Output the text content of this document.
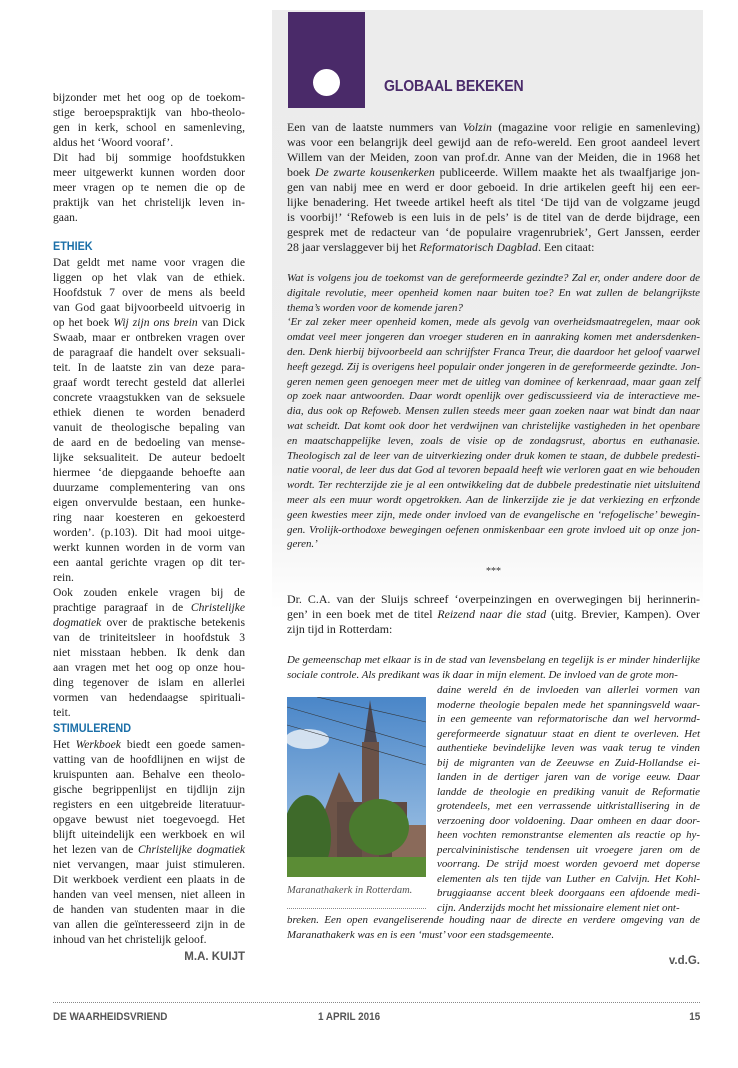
GLOBAAL BEKEKEN
bijzonder met het oog op de toekom-
stige beroepspraktijk van hbo-theolo-
gen in kerk, school en samenleving,
aldus het ‘Woord vooraf’.
Dit had bij sommige hoofdstukken
meer uitgewerkt kunnen worden door
meer vragen op te nemen die op de
praktijk van het christelijk leven in-
gaan.
ETHIEK
Dat geldt met name voor vragen die
liggen op het vlak van de ethiek.
Hoofdstuk 7 over de mens als beeld
van God gaat bijvoorbeeld uitvoerig in
op het boek Wij zijn ons brein van Dick
Swaab, maar er ontbreken vragen over
de paragraaf die handelt over seksuali-
teit. In de laatste zin van deze para-
graaf wordt terecht gesteld dat allerlei
concrete vraagstukken van de seksuele
ethiek dienen te worden benaderd
vanuit de theologische bepaling van
de aard en de bedoeling van mense-
lijke seksualiteit. De auteur bedoelt
hiermee ‘de diepgaande behoefte aan
duurzame complementering van ons
eigen onvervulde bestaan, een hunke-
ring naar koesteren en gekoesterd
worden’. (p.103). Dit had mooi uitge-
werkt kunnen worden in de vorm van
een aantal gerichte vragen op dit ter-
rein.
Ook zouden enkele vragen bij de
prachtige paragraaf in de Christelijke
dogmatiek over de praktische betekenis
van de triniteitsleer in hoofdstuk 3
niet misstaan hebben. Ik denk dan
aan vragen met het oog op onze hou-
ding tegenover de islam en allerlei
vormen van hedendaagse spirituali-
teit.
STIMULEREND
Het Werkboek biedt een goede samen-
vatting van de hoofdlijnen en wijst de
kruispunten aan. Behalve een theolo-
gische begrippenlijst en tijdlijn zijn
registers en een uitgebreide literatuur-
opgave bewust niet toegevoegd. Het
blijft uiteindelijk een werkboek en wil
het lezen van de Christelijke dogmatiek
niet vervangen, maar juist stimuleren.
Dit werkboek verdient een plaats in de
handen van veel mensen, niet alleen in
de handen van studenten maar in die
van allen die geïnteresseerd zijn in de
inhoud van het christelijk geloof.
M.A. KUIJT
Een van de laatste nummers van Volzin (magazine voor religie en samenleving)
was voor een belangrijk deel gewijd aan de refo-wereld. Een groot aandeel levert
Willem van der Meiden, zoon van prof.dr. Anne van der Meiden, die in 1968 het
boek De zwarte kousenkerken publiceerde. Willem maakte het als twaalfjarige jon-
gen van nabij mee en werd er door geboeid. In drie artikelen geeft hij een eer-
lijke benadering. Het tweede artikel heeft als titel ‘De tijd van de volgzame jeugd
is voorbij!’ ‘Refoweb is een luis in de pels’ is de titel van de derde bijdrage, een
gesprek met de redacteur van ‘de populaire vragenrubriek’, Gert Janssen, eerder
28 jaar verslaggever bij het Reformatorisch Dagblad. Een citaat:
Wat is volgens jou de toekomst van de gereformeerde gezindte? Zal er, onder andere door de
digitale revolutie, meer openheid komen naar buiten toe? En wat zullen de belangrijkste
thema’s worden voor de komende jaren?
‘Er zal zeker meer openheid komen, mede als gevolg van overheidsmaatregelen, maar ook
omdat veel meer jongeren dan vroeger studeren en in aanraking komen met andersdenken-
den. Denk hierbij bijvoorbeeld aan schrijfster Franca Treur, die daardoor het geloof vaarwel
heeft gezegd. Zij is overigens heel populair onder jongeren in de gereformeerde gezindte. Jon-
geren nemen geen genoegen meer met de uitleg van dominee of kerkenraad, maar gaan zelf
op zoek naar antwoorden. Daar wordt openlijk over gediscussieerd via de interactieve me-
dia, dus ook op Refoweb. Mensen zullen steeds meer gaan zoeken naar wat bindt dan naar
wat scheidt. Dat komt ook door het verdwijnen van christelijke vastigheden in het openbare
en maatschappelijke leven, zoals de visie op de zondagsrust, abortus en euthanasie.
Theologisch zal de leer van de uitverkiezing onder druk komen te staan, de dubbele predesti-
natie vooral, de leer dus dat God al tevoren bepaald heeft wie verloren gaat en wie behouden
wordt. Ter rechterzijde zie je al een ontwikkeling dat de dubbele predestinatie niet uitsluitend
meer als een muur wordt opgetrokken. Aan de linkerzijde zie je dat verkiezing en erfzonde
geen kwesties meer zijn, mede onder invloed van de evangelische en ‘refogelische’ bewegin-
gen. Vrolijk-orthodoxe bewegingen oefenen onmiskenbaar een grote invloed uit op onze jon-
geren.’
***
Dr. C.A. van der Sluijs schreef ‘overpeinzingen en overwegingen bij herinnerin-
gen’ in een boek met de titel Reizend naar die stad (uitg. Brevier, Kampen). Over
zijn tijd in Rotterdam:
De gemeenschap met elkaar is in de stad van levensbelang en tegelijk is er minder hinderlijke
sociale controle. Als predikant was ik daar in mijn element. De invloed van de grote mon-
daine wereld én de invloeden van allerlei vormen van
moderne theologie bepalen mede het spanningsveld waar-
in een gemeente van reformatorische dan wel hervormd-
gereformeerde signatuur staat en dient te overleven. Het
authentieke bevindelijke leven was vaak terug te vinden
bij de migranten van de Zeeuwse en Zuid-Hollandse ei-
landen in de dertiger jaren van de vorige eeuw. Daar
landde de theologie en prediking vanuit de Reformatie
grotendeels, met een verrassende uitkristallisering in de
verzoening door voldoening. Daar omheen en daar door-
heen vochten remonstrantse elementen als reactie op hy-
percalvininistische tendensen uit vroegere jaren om de
voorrang. De strijd moest worden gevoerd met doperse
elementen als ten tijde van Luther en Calvijn. Het Kohl-
bruggiaanse accent bleek doorgaans een afdoende medi-
cijn. Anderzijds mocht het missionaire element niet ont-
breken. Een open evangeliserende houding naar de directe en verdere omgeving van de
Maranathakerk was en is een ‘must’ voor een stadsgemeente.
v.d.G.
Maranathakerk in Rotterdam.
DE WAARHEIDSVRIEND	1 APRIL 2016	15
